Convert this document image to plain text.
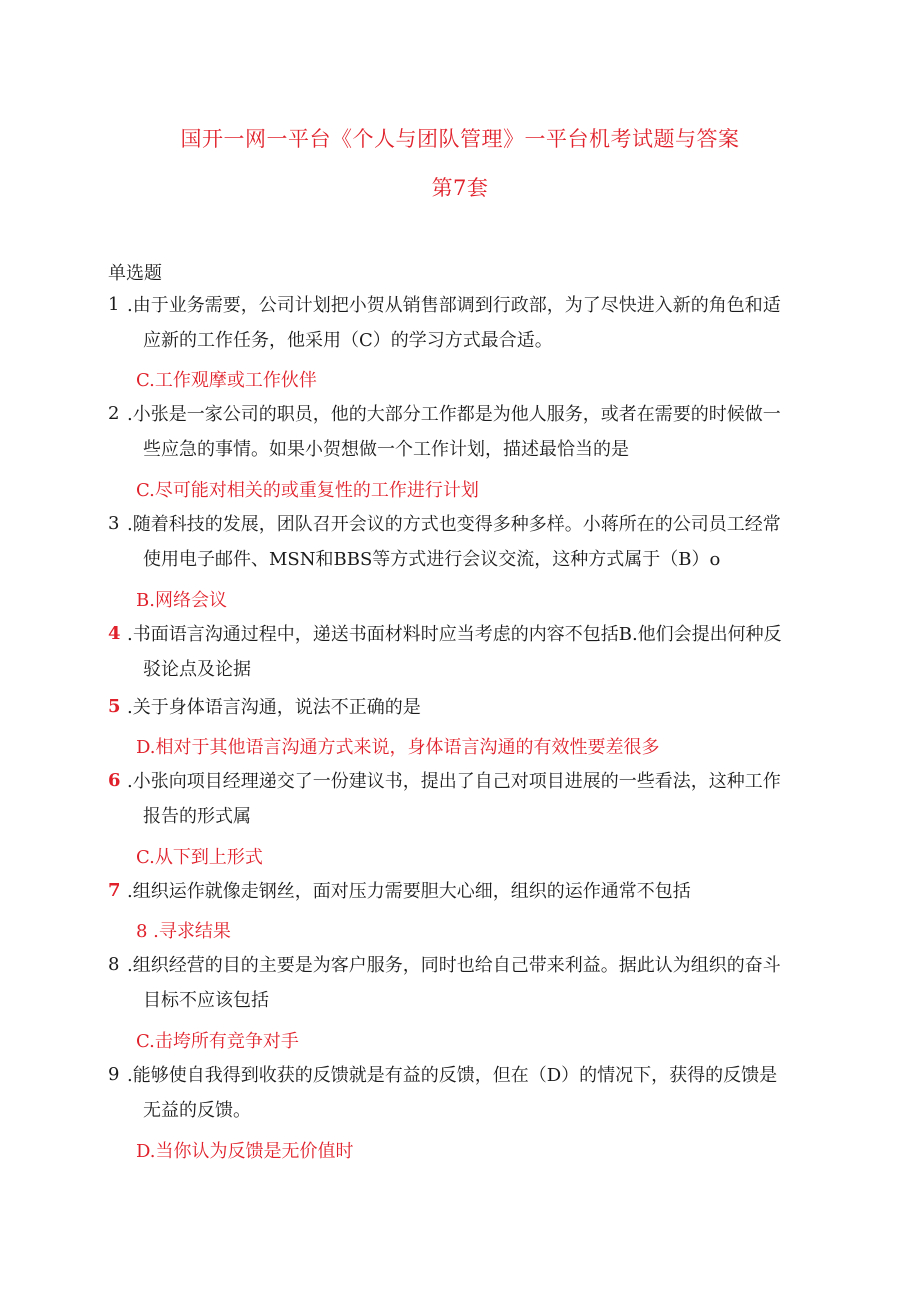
国开一网一平台《个人与团队管理》一平台机考试题与答案
第7套
单选题
1 .由于业务需要，公司计划把小贺从销售部调到行政部，为了尽快进入新的角色和适

应新的工作任务，他采用（C）的学习方式最合适。
C.工作观摩或工作伙伴
2 .小张是一家公司的职员，他的大部分工作都是为他人服务，或者在需要的时候做一

些应急的事情。如果小贺想做一个工作计划，描述最恰当的是
C.尽可能对相关的或重复性的工作进行计划
3 .随着科技的发展，团队召开会议的方式也变得多种多样。小蒋所在的公司员工经常

使用电子邮件、MSN和BBS等方式进行会议交流，这种方式属于（B）o
B.网络会议
4 .书面语言沟通过程中，递送书面材料时应当考虑的内容不包括B.他们会提出何种反

驳论点及论据
5 .关于身体语言沟通，说法不正确的是
D.相对于其他语言沟通方式来说，身体语言沟通的有效性要差很多
6 .小张向项目经理递交了一份建议书，提出了自己对项目进展的一些看法，这种工作

报告的形式属
C.从下到上形式
7 .组织运作就像走钢丝，面对压力需要胆大心细，组织的运作通常不包括
8 .寻求结果
8 .组织经营的目的主要是为客户服务，同时也给自己带来利益。据此认为组织的奋斗

目标不应该包括
C.击垮所有竞争对手
9 .能够使自我得到收获的反馈就是有益的反馈，但在（D）的情况下，获得的反馈是

无益的反馈。
D.当你认为反馈是无价值时
